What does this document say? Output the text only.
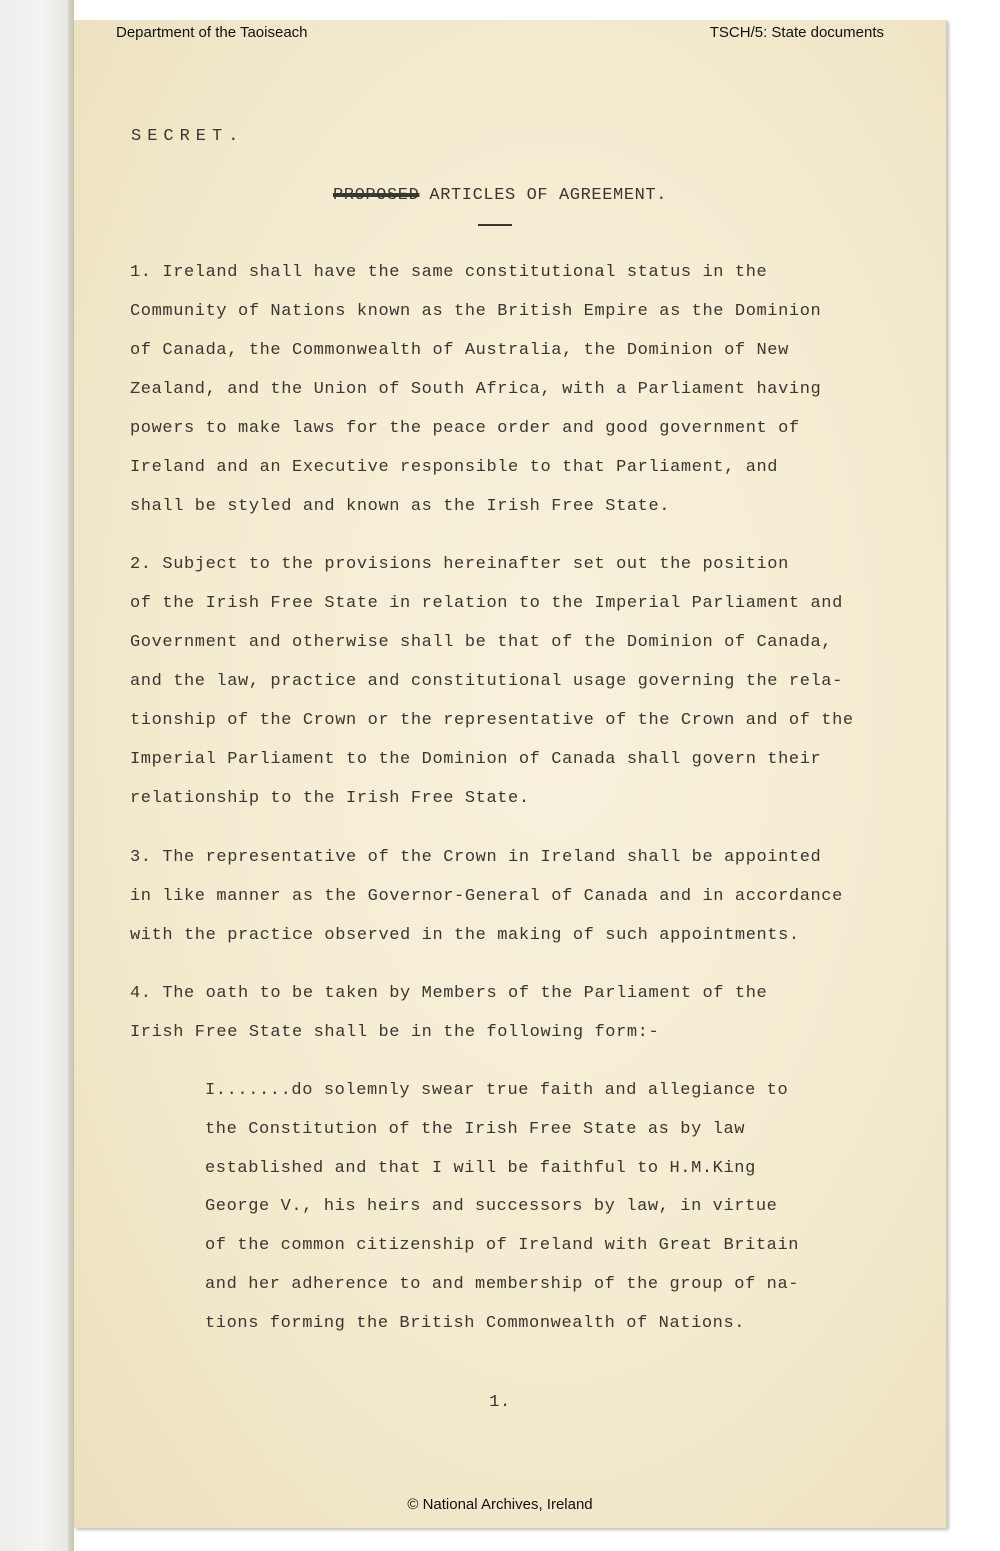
Department of the Taoiseach	TSCH/5: State documents
SECRET.
PROPOSED ARTICLES OF AGREEMENT.
1. Ireland shall have the same constitutional status in the
Community of Nations known as the British Empire as the Dominion
of Canada, the Commonwealth of Australia, the Dominion of New
Zealand, and the Union of South Africa, with a Parliament having
powers to make laws for the peace order and good government of
Ireland and an Executive responsible to that Parliament, and
shall be styled and known as the Irish Free State.
2. Subject to the provisions hereinafter set out the position
of the Irish Free State in relation to the Imperial Parliament and
Government and otherwise shall be that of the Dominion of Canada,
and the law, practice and constitutional usage governing the rela-
tionship of the Crown or the representative of the Crown and of the
Imperial Parliament to the Dominion of Canada shall govern their
relationship to the Irish Free State.
3. The representative of the Crown in Ireland shall be appointed
in like manner as the Governor-General of Canada and in accordance
with the practice observed in the making of such appointments.
4. The oath to be taken by Members of the Parliament of the
Irish Free State shall be in the following form:-
I.......do solemnly swear true faith and allegiance to
the Constitution of the Irish Free State as by law
established and that I will be faithful to H.M.King
George V., his heirs and successors by law, in virtue
of the common citizenship of Ireland with Great Britain
and her adherence to and membership of the group of na-
tions forming the British Commonwealth of Nations.
1.
© National Archives, Ireland
